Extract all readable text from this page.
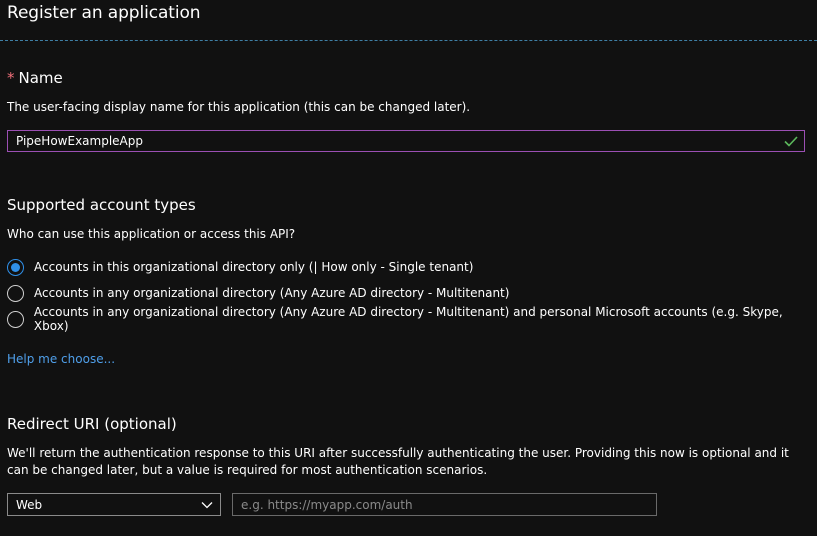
Register an application
* Name
The user-facing display name for this application (this can be changed later).
PipeHowExampleApp
Supported account types
Who can use this application or access this API?
Accounts in this organizational directory only (| How only - Single tenant)
Accounts in any organizational directory (Any Azure AD directory - Multitenant)
Accounts in any organizational directory (Any Azure AD directory - Multitenant) and personal Microsoft accounts (e.g. Skype, Xbox)
Help me choose...
Redirect URI (optional)
We'll return the authentication response to this URI after successfully authenticating the user. Providing this now is optional and it can be changed later, but a value is required for most authentication scenarios.
Web
e.g. https://myapp.com/auth
